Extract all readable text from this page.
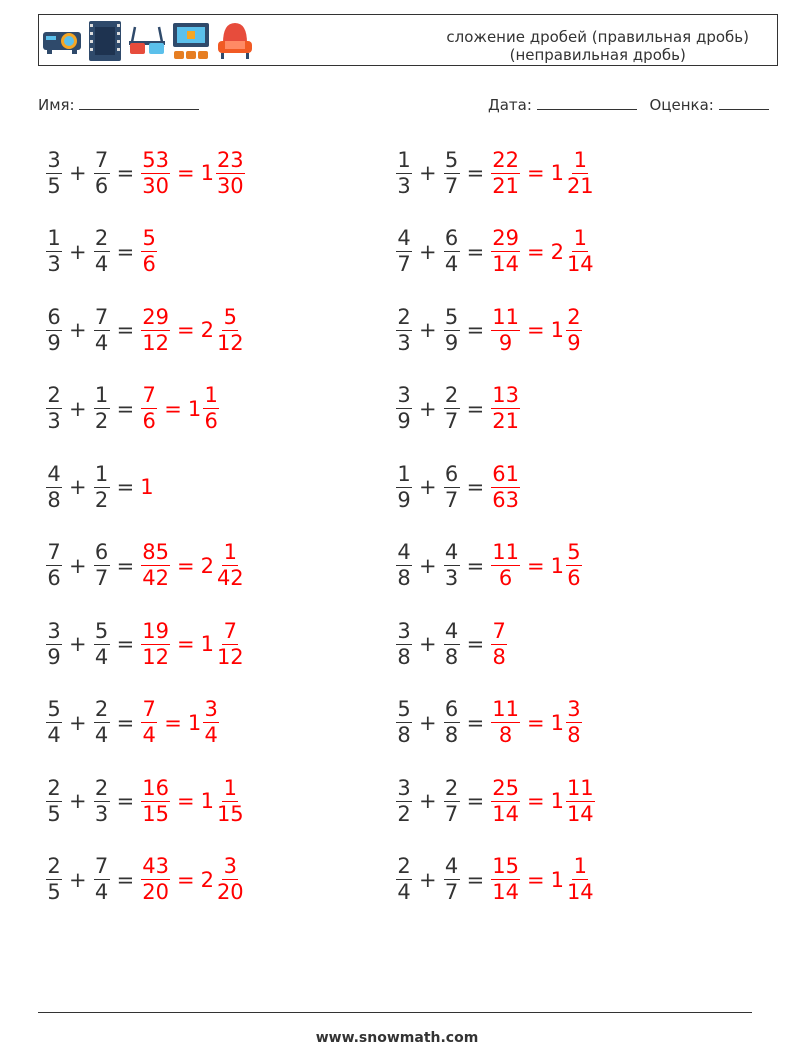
сложение дробей (правильная дробь)
(неправильная дробь)
Имя:	Дата:	Оценка:
$\frac{3}{5} + \frac{7}{6} = \frac{53}{30} = 1 \frac{23}{30}$	$\frac{1}{3} + \frac{5}{7} = \frac{22}{21} = 1 \frac{1}{21}$
$\frac{1}{3} + \frac{2}{4} = \frac{5}{6}$	$\frac{4}{7} + \frac{6}{4} = \frac{29}{14} = 2 \frac{1}{14}$
$\frac{6}{9} + \frac{7}{4} = \frac{29}{12} = 2 \frac{5}{12}$	$\frac{2}{3} + \frac{5}{9} = \frac{11}{9} = 1 \frac{2}{9}$
$\frac{2}{3} + \frac{1}{2} = \frac{7}{6} = 1 \frac{1}{6}$	$\frac{3}{9} + \frac{2}{7} = \frac{13}{21}$
$\frac{4}{8} + \frac{1}{2} = 1$	$\frac{1}{9} + \frac{6}{7} = \frac{61}{63}$
$\frac{7}{6} + \frac{6}{7} = \frac{85}{42} = 2 \frac{1}{42}$	$\frac{4}{8} + \frac{4}{3} = \frac{11}{6} = 1 \frac{5}{6}$
$\frac{3}{9} + \frac{5}{4} = \frac{19}{12} = 1 \frac{7}{12}$	$\frac{3}{8} + \frac{4}{8} = \frac{7}{8}$
$\frac{5}{4} + \frac{2}{4} = \frac{7}{4} = 1 \frac{3}{4}$	$\frac{5}{8} + \frac{6}{8} = \frac{11}{8} = 1 \frac{3}{8}$
$\frac{2}{5} + \frac{2}{3} = \frac{16}{15} = 1 \frac{1}{15}$	$\frac{3}{2} + \frac{2}{7} = \frac{25}{14} = 1 \frac{11}{14}$
$\frac{2}{5} + \frac{7}{4} = \frac{43}{20} = 2 \frac{3}{20}$	$\frac{2}{4} + \frac{4}{7} = \frac{15}{14} = 1 \frac{1}{14}$
www.snowmath.com
